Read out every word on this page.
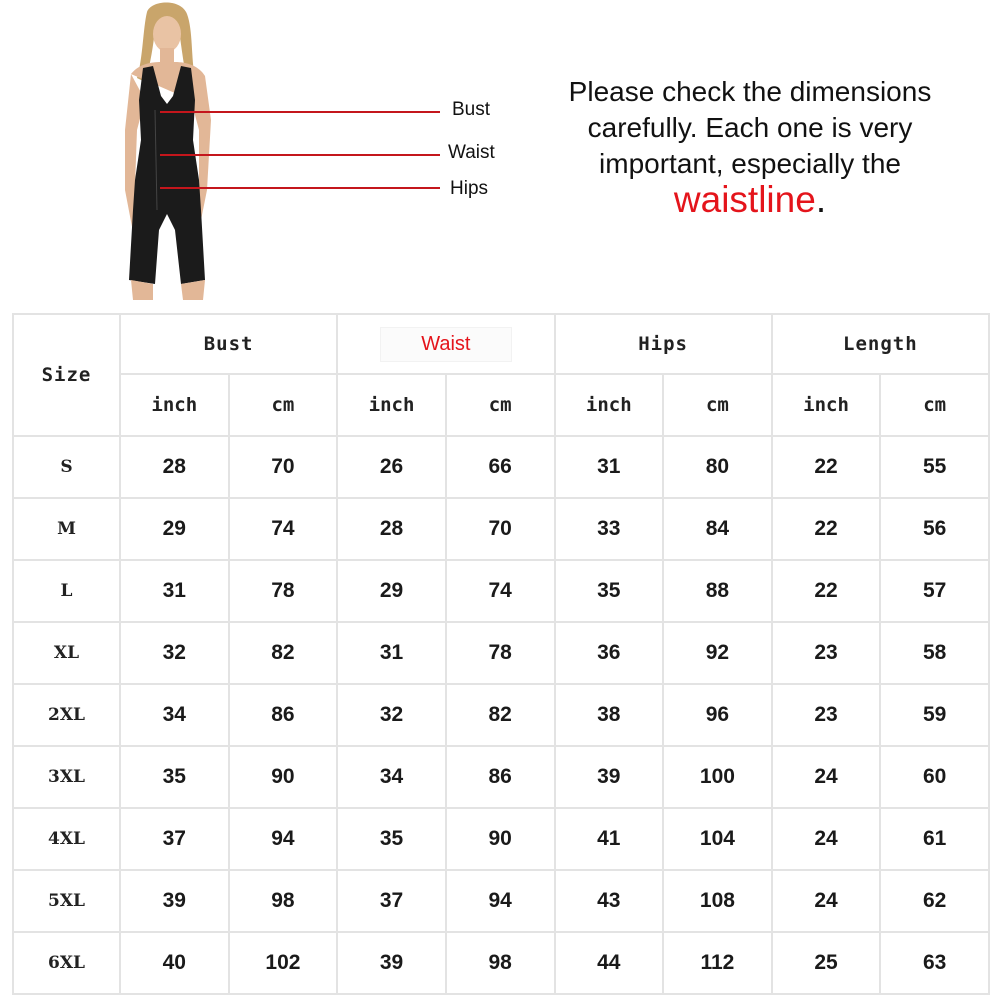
Bust
Waist
Hips
Please check the dimensions carefully. Each one is very important, especially the
waistline.
Size	Bust		Waist		Hips		Length	
	inch	cm	inch	cm	inch	cm	inch	cm
S	28	70	26	66	31	80	22	55
M	29	74	28	70	33	84	22	56
L	31	78	29	74	35	88	22	57
XL	32	82	31	78	36	92	23	58
2XL	34	86	32	82	38	96	23	59
3XL	35	90	34	86	39	100	24	60
4XL	37	94	35	90	41	104	24	61
5XL	39	98	37	94	43	108	24	62
6XL	40	102	39	98	44	112	25	63
